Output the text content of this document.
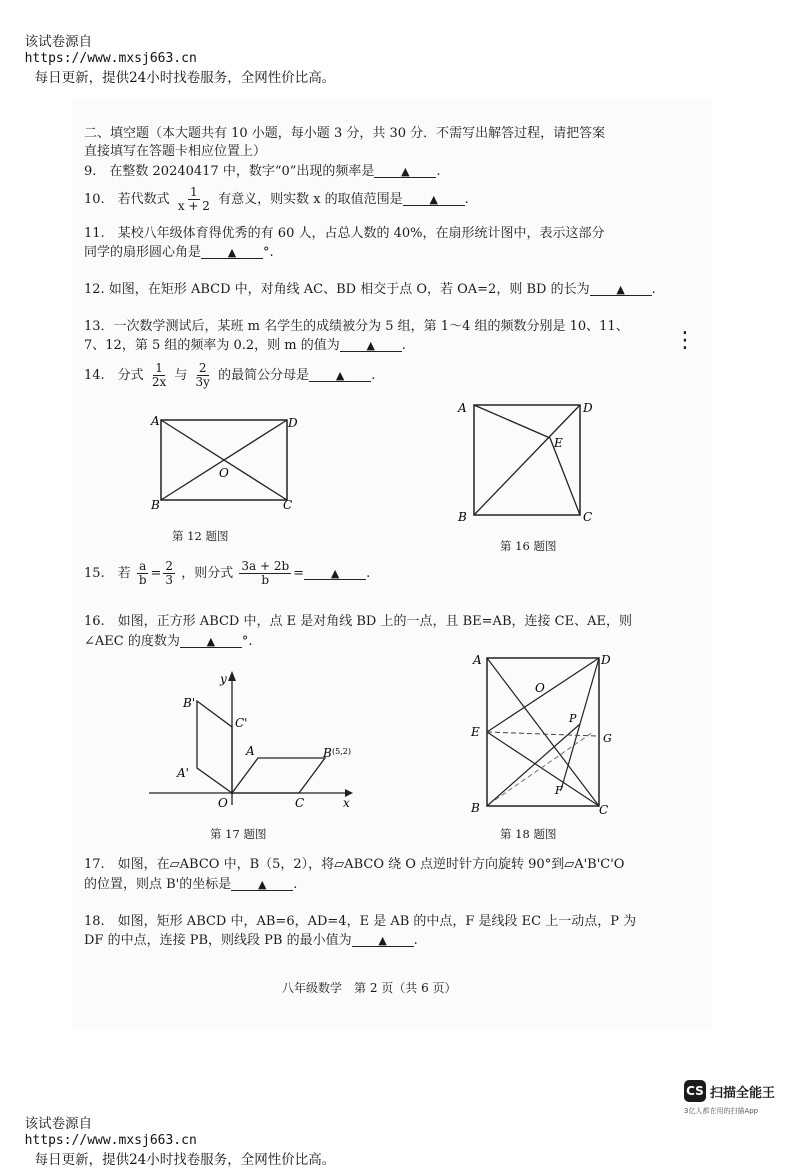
该试卷源自
https://www.mxsj663.cn
每日更新，提供24小时找卷服务，全网性价比高。

二、填空题（本大题共有 10 小题，每小题 3 分，共 30 分．不需写出解答过程，请把答案
直接填写在答题卡相应位置上）
9.　在整数 20240417 中，数字“0”出现的频率是 ▲ .
10.　若代数式 $\frac{1}{x + 2}$ 有意义，则实数 x 的取值范围是 ▲ .
11.　某校八年级体育得优秀的有 60 人，占总人数的 40%，在扇形统计图中，表示这部分
同学的扇形圆心角是 ▲ °.
12. 如图，在矩形 ABCD 中，对角线 AC、BD 相交于点 O，若 OA=2，则 BD 的长为 ▲ .
13．一次数学测试后，某班 m 名学生的成绩被分为 5 组，第 1～4 组的频数分别是 10、11、
7、12，第 5 组的频率为 0.2，则 m 的值为 ▲ .	⋮
14.　分式 $\frac{1}{2x}$ 与 $\frac{2}{3y}$ 的最简公分母是 ▲ .
A	D
O
B	C
第 12 题图
A	D
E
B	C
第 16 题图
15.　若 $\frac{a}{b} = \frac{2}{3}$ ，则分式 $\frac{3a + 2b}{b}$ = ▲ .
16.　如图，正方形 ABCD 中，点 E 是对角线 BD 上的一点，且 BE=AB，连接 CE、AE，则
∠AEC 的度数为 ▲ °.
y
B'
C'
A	B (5,2)
A'
O	C	x
第 17 题图
A	D
O
P
E	G
B
F
C
第 18 题图
17.　如图，在▱ABCO 中，B（5，2），将▱ABCO 绕 O 点逆时针方向旋转 90°到▱A'B'C'O
的位置，则点 B'的坐标是 ▲ .
18.　如图，矩形 ABCD 中，AB=6，AD=4，E 是 AB 的中点，F 是线段 EC 上一动点，P 为
DF 的中点，连接 PB，则线段 PB 的最小值为 ▲ .
八年级数学　第 2 页（共 6 页）

该试卷源自
https://www.mxsj663.cn
每日更新，提供24小时找卷服务，全网性价比高。

CS 扫描全能王
3亿人都在用的扫描App
